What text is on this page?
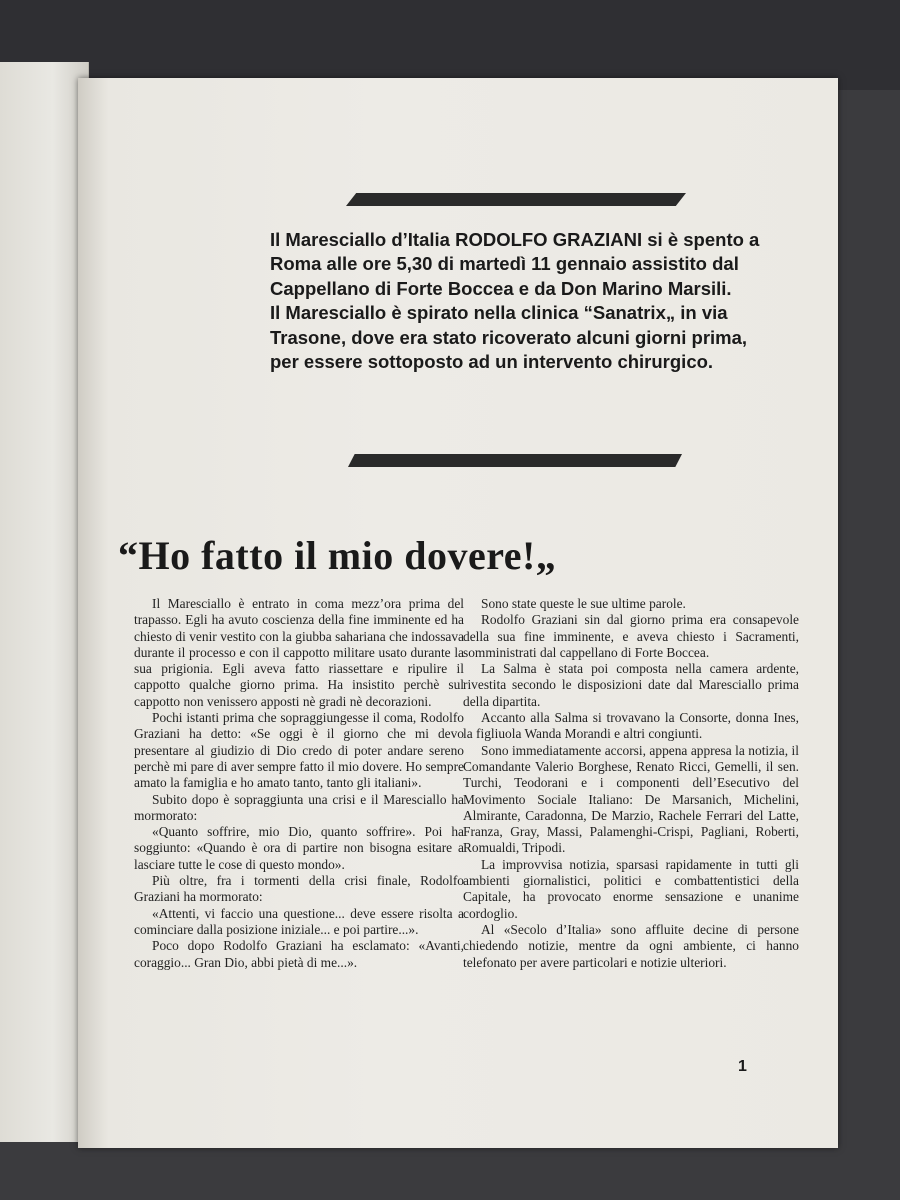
Il Maresciallo d’Italia RODOLFO GRAZIANI si è spento a Roma alle ore 5,30 di martedì 11 gennaio assistito dal Cappellano di Forte Boccea e da Don Marino Marsili.

Il Maresciallo è spirato nella clinica “Sanatrix„ in via Trasone, dove era stato ricoverato alcuni giorni prima, per essere sottoposto ad un intervento chirurgico.

“Ho fatto il mio dovere!„

Il Maresciallo è entrato in coma mezz’ora prima del trapasso. Egli ha avuto coscienza della fine imminente ed ha chiesto di venir vestito con la giubba sahariana che indossava durante il processo e con il cappotto militare usato durante la sua prigionia. Egli aveva fatto riassettare e ripulire il cappotto qualche giorno prima. Ha insistito perchè sul cappotto non venissero apposti nè gradi nè decorazioni.

Pochi istanti prima che sopraggiungesse il coma, Rodolfo Graziani ha detto: «Se oggi è il giorno che mi devo presentare al giudizio di Dio credo di poter andare sereno perchè mi pare di aver sempre fatto il mio dovere. Ho sempre amato la famiglia e ho amato tanto, tanto gli italiani».

Subito dopo è sopraggiunta una crisi e il Maresciallo ha mormorato:

«Quanto soffrire, mio Dio, quanto soffrire». Poi ha soggiunto: «Quando è ora di partire non bisogna esitare a lasciare tutte le cose di questo mondo».

Più oltre, fra i tormenti della crisi finale, Rodolfo Graziani ha mormorato:

«Attenti, vi faccio una questione... deve essere risolta a cominciare dalla posizione iniziale... e poi partire...».

Poco dopo Rodolfo Graziani ha esclamato: «Avanti, coraggio... Gran Dio, abbi pietà di me...».

Sono state queste le sue ultime parole.

Rodolfo Graziani sin dal giorno prima era consapevole della sua fine imminente, e aveva chiesto i Sacramenti, somministrati dal cappellano di Forte Boccea.

La Salma è stata poi composta nella camera ardente, rivestita secondo le disposizioni date dal Maresciallo prima della dipartita.

Accanto alla Salma si trovavano la Consorte, donna Ines, la figliuola Wanda Morandi e altri congiunti.

Sono immediatamente accorsi, appena appresa la notizia, il Comandante Valerio Borghese, Renato Ricci, Gemelli, il sen. Turchi, Teodorani e i componenti dell’Esecutivo del Movimento Sociale Italiano: De Marsanich, Michelini, Almirante, Caradonna, De Marzio, Rachele Ferrari del Latte, Franza, Gray, Massi, Palamenghi-Crispi, Pagliani, Roberti, Romualdi, Tripodi.

La improvvisa notizia, sparsasi rapidamente in tutti gli ambienti giornalistici, politici e combattentistici della Capitale, ha provocato enorme sensazione e unanime cordoglio.

Al «Secolo d’Italia» sono affluite decine di persone chiedendo notizie, mentre da ogni ambiente, ci hanno telefonato per avere particolari e notizie ulteriori.

1
